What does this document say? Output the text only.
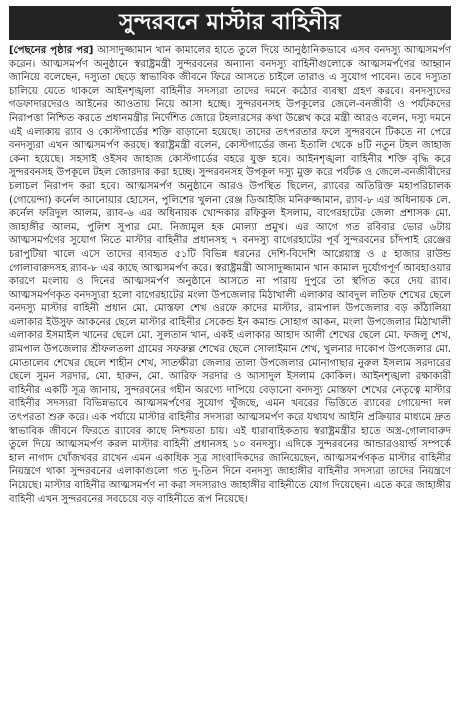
সুন্দরবনে মাস্টার বাহিনীর
[পেছনের পৃষ্ঠার পর] আসাদুজ্জামান খান কামালের হাতে তুলে দিয়ে আনুষ্ঠানিকভাবে এসব বনদস্যু আত্মসমর্পণ করেন। আত্মসমর্পণ অনুষ্ঠানে স্বরাষ্ট্রমন্ত্রী সুন্দরবনের অন্যান্য বনদস্যু বাহিনীগুলোকে আত্মসমর্পণের আহ্বান জানিয়ে বলেছেন, দস্যুতা ছেড়ে স্বাভাবিক জীবনে ফিরে আসতে চাইলে তারাও এ সুযোগ পাবেন। তবে দস্যুতা চালিয়ে যেতে থাকলে আইনশৃঙ্খলা বাহিনীর সদস্যরা তাদের দমনে কঠোর ব্যবস্থা গ্রহণ করবে। বনদস্যুদের গডফাদারদেরও আইনের আওতায় নিয়ে আসা হচ্ছে। সুন্দরবনসহ উপকূলের জেলে-বনজীবী ও পর্যটকদের নিরাপত্তা নিশ্চিত করতে প্রধানমন্ত্রীর নির্দেশিত জোরে টহলারসের কথা উল্লেখ করে মন্ত্রী আরও বলেন, দস্যু দমনে এই এলাকায় র‌্যাব ও কোস্টগার্ডের শক্তি বাড়ানো হয়েছে। তাদের তৎপরতার ফলে সুন্দরবনে টিকতে না পেরে বনদস্যুরা এখন আত্মসমর্পণ করছে। স্বরাষ্ট্রমন্ত্রী বলেন, কোস্টগার্ডের জন্য ইতালি থেকে ৪টি নতুন টহল জাহাজ কেনা হয়েছে। সহসাই ওইসব জাহাজ কোস্টগার্ডের বহরে যুক্ত হবে। আইনশৃঙ্খলা বাহিনীর শক্তি বৃদ্ধি করে সুন্দরবনসহ উপকূলে টহল জোরদার করা হচ্ছে। সুন্দরবনসহ উপকূল দস্যু মুক্ত করে পর্যটক ও জেলে-বনজীবীদের চলাচল নিরাপদ করা হবে। আত্মসমর্পণ অনুষ্ঠানে আরও উপস্থিত ছিলেন, র‌্যাবের অতিরিক্ত মহাপরিচালক (গোয়েন্দা) কর্নেল আনোয়ার হোসেন, পুলিশের খুলনা রেঞ্জ ডিআইজি মনিরুজ্জামান, র‌্যাব-৮ এর অধিনায়ক লে. কর্নেল ফরিদুল আলম, র‌্যাব-৬ এর অধিনায়ক খোন্দকার রফিকুল ইসলাম, বাগেরহাটের জেলা প্রশাসক মো. জাহাঙ্গীর আলম, পুলিশ সুপার মো. নিজামুল হক মোল্যা প্রমুখ। এর আগে গত রবিবার ভোর ৬টায় আত্মসমর্পণের সুযোগ নিতে মাস্টার বাহিনীর প্রধানসহ ৭ বনদস্যু বাগেরহাটের পূর্ব সুন্দরবনের চাঁদপাই রেঞ্জের চরাপুটিয়া খালে এসে তাদের ব্যবহৃত ৫১টি বিভিন্ন ধরনের দেশি-বিদেশি আগ্নেয়াস্ত্র ও ৫ হাজার রাউন্ড গোলাবারুদসহ র‌্যাব-৮ এর কাছে আত্মসমর্পণ করে। স্বরাষ্ট্রমন্ত্রী আসাদুজ্জামান খান কামাল দুর্যোগপূর্ণ আবহাওয়ার কারণে মংলায় ও দিনের আত্মসমর্পণ অনুষ্ঠানে আসতে না পারায় দুপুরে তা স্থগিত করে দেয় র‌্যাব। আত্মসমর্পণকৃত বনদস্যুরা হলো বাগেরহাটের মংলা উপজেলার মিঠাখালী এলাকার আবদুল লতিফ শেখের ছেলে বনদস্যু মাস্টার বাহিনী প্রধান মো. মোস্তফা শেখ ওরফে কাদের মাস্টার, রামপাল উপজেলার বড় কাঁঠালিয়া এলাকার ইউসুফ আকনের ছেলে মাস্টার বাহিনীর সেকেন্ড ইন কমান্ড সোহাগ আকন, মংলা উপজেলার মিঠাখালী এলাকার ইসমাইল খানের ছেলে মো. সুলতান খান, একই এলাকার আহাদ আলী শেখের ছেলে মো. ফজলু শেখ, রামপাল উপজেলার শ্রীফলতলা গ্রামের সফরুল্ল শেখের ছেলে সোলাইমান শেখ, খুলনার দাকোপ উপজেলার মো. মোতালেব শেখের ছেলে শাহীন শেখ, সাতক্ষীরা জেলার তালা উপজেলার মোনাগাছার নুরুল ইসলাম সরদারের ছেলে সুমন সরদার, মো. হারুন, মো. আরিফ সরদার ও আসাদুল ইসলাম কোকিল। আইনশৃঙ্খলা রক্ষাকারী বাহিনীর একটি সূত্র জানায়, সুন্দরবনের গহীন অরণ্যে দাপিয়ে বেড়ানো বনদস্যু মোস্তফা শেখের নেতৃত্বে মাস্টার বাহিনীর সদস্যরা বিভিন্নভাবে আত্মসমর্পণের সুযোগ খুঁজছে, এমন খবরের ভিত্তিতে র‌্যাবের গোয়েন্দা দল তৎপরতা শুরু করে। এক পর্যায়ে মাস্টার বাহিনীর সদস্যরা আত্মসমর্পণ করে যথাযথ আইনি প্রক্রিয়ার মাধ্যমে দ্রুত স্বাভাবিক জীবনে ফিরতে র‌্যাবের কাছে নিশ্চয়তা চায়। এই ধারাবাহিকতায় স্বরাষ্ট্রমন্ত্রীর হাতে অস্ত্র-গোলাবারুদ তুলে দিয়ে আত্মসমর্পণ করল মাস্টার বাহিনী প্রধানসহ ১০ বনদস্যু। এদিকে সুন্দরবনের আন্ডারওয়ার্ল্ড সম্পর্কে হাল নাগাদ খোঁজখবর রাখেন এমন একাধিক সূত্র সাংবাদিকদের জানিয়েছেন, আত্মসমর্পণকৃত মাস্টার বাহিনীর নিয়ন্ত্রণে থাকা সুন্দরবনের এলাকাগুলো গত দু-তিন দিনে বনদস্যু জাহাঙ্গীর বাহিনীর সদস্যরা তাদের নিয়ন্ত্রণে নিয়েছে। মাস্টার বাহিনীর আত্মসমর্পণ না করা সদস্যরাও জাহাঙ্গীর বাহিনীতে যোগ দিয়েছেন। এতে করে জাহাঙ্গীর বাহিনী এখন সুন্দরবনের সবচেয়ে বড় বাহিনীতে রূপ নিয়েছে।
